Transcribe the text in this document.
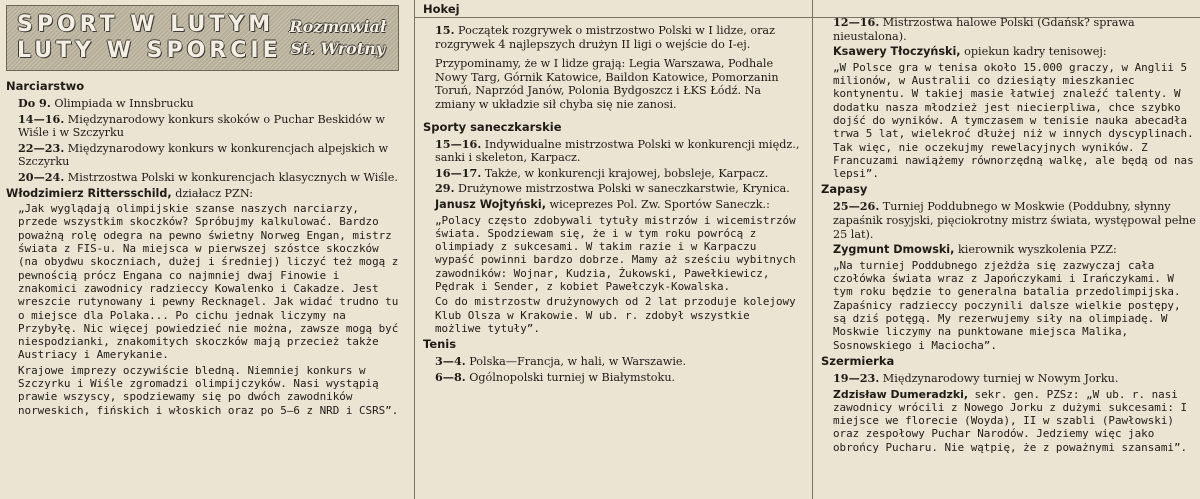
SPORT W LUTYM
LUTY W SPORCIE
Rozmawiał
St. Wrotny
Narciarstwo

Do 9. Olimpiada w Innsbrucku

14—16. Międzynarodowy konkurs skoków o Puchar Beskidów w Wiśle i w Szczyrku

22—23. Międzynarodowy konkurs w konkurencjach alpejskich w Szczyrku

20—24. Mistrzostwa Polski w konkurencjach klasycznych w Wiśle.

Włodzimierz Rittersschild, działacz PZN:

„Jak wyglądają olimpijskie szanse naszych narciarzy, przede wszystkim skoczków? Spróbujmy kalkulować. Bardzo poważną rolę odegra na pewno świetny Norweg Engan, mistrz świata z FIS-u. Na miejsca w pierwszej szóstce skoczków (na obydwu skoczniach, dużej i średniej) liczyć też mogą z pewnością prócz Engana co najmniej dwaj Finowie i znakomici zawodnicy radzieccy Kowalenko i Cakadze. Jest wreszcie rutynowany i pewny Recknagel. Jak widać trudno tu o miejsce dla Polaka... Po cichu jednak liczymy na Przybyłę. Nic więcej powiedzieć nie można, zawsze mogą być niespodzianki, znakomitych skoczków mają przecież także Austriacy i Amerykanie.

Krajowe imprezy oczywiście bledną. Niemniej konkurs w Szczyrku i Wiśle zgromadzi olimpijczyków. Nasi wystąpią prawie wszyscy, spodziewamy się po dwóch zawodników norweskich, fińskich i włoskich oraz po 5—6 z NRD i CSRS”.

Hokej

15. Początek rozgrywek o mistrzostwo Polski w I lidze, oraz rozgrywek 4 najlepszych drużyn II ligi o wejście do I-ej.

Przypominamy, że w I lidze grają: Legia Warszawa, Podhale Nowy Targ, Górnik Katowice, Baildon Katowice, Pomorzanin Toruń, Naprzód Janów, Polonia Bydgoszcz i ŁKS Łódź. Na zmiany w układzie sił chyba się nie zanosi.

Sporty saneczkarskie

15—16. Indywidualne mistrzostwa Polski w konkurencji międz., sanki i skeleton, Karpacz.

16—17. Także, w konkurencji krajowej, bobsleje, Karpacz.

29. Drużynowe mistrzostwa Polski w saneczkarstwie, Krynica.

Janusz Wojtyński, wiceprezes Pol. Zw. Sportów Saneczk.:

„Polacy często zdobywali tytuły mistrzów i wicemistrzów świata. Spodziewam się, że i w tym roku powrócą z olimpiady z sukcesami. W takim razie i w Karpaczu wypaść powinni bardzo dobrze. Mamy aż sześciu wybitnych zawodników: Wojnar, Kudzia, Żukowski, Pawełkiewicz, Pędrak i Sender, z kobiet Pawełczyk-Kowalska.

Co do mistrzostw drużynowych od 2 lat przoduje kolejowy Klub Olsza w Krakowie. W ub. r. zdobył wszystkie możliwe tytuły”.

Tenis

3—4. Polska—Francja, w hali, w Warszawie.

6—8. Ogólnopolski turniej w Białymstoku.

12—16. Mistrzostwa halowe Polski (Gdańsk? sprawa nieustalona).

Ksawery Tłoczyński, opiekun kadry tenisowej:

„W Polsce gra w tenisa około 15.000 graczy, w Anglii 5 milionów, w Australii co dziesiąty mieszkaniec kontynentu. W takiej masie łatwiej znaleźć talenty. W dodatku nasza młodzież jest niecierpliwa, chce szybko dojść do wyników. A tymczasem w tenisie nauka abecadła trwa 5 lat, wielekroć dłużej niż w innych dyscyplinach. Tak więc, nie oczekujmy rewelacyjnych wyników. Z Francuzami nawiążemy równorzędną walkę, ale będą od nas lepsi”.

Zapasy

25—26. Turniej Poddubnego w Moskwie (Poddubny, słynny zapaśnik rosyjski, pięciokrotny mistrz świata, występował pełne 25 lat).

Zygmunt Dmowski, kierownik wyszkolenia PZZ:

„Na turniej Poddubnego zjeżdża się zazwyczaj cała czołówka świata wraz z Japończykami i Irańczykami. W tym roku będzie to generalna batalia przedolimpijska. Zapaśnicy radzieccy poczynili dalsze wielkie postępy, są dziś potęgą. My rezerwujemy siły na olimpiadę. W Moskwie liczymy na punktowane miejsca Malika, Sosnowskiego i Maciocha”.

Szermierka

19—23. Międzynarodowy turniej w Nowym Jorku.

Zdzisław Dumeradzki, sekr. gen. PZSz: „W ub. r. nasi zawodnicy wrócili z Nowego Jorku z dużymi sukcesami: I miejsce we florecie (Woyda), II w szabli (Pawłowski) oraz zespołowy Puchar Narodów. Jedziemy więc jako obrońcy Pucharu. Nie wątpię, że z poważnymi szansami”.
